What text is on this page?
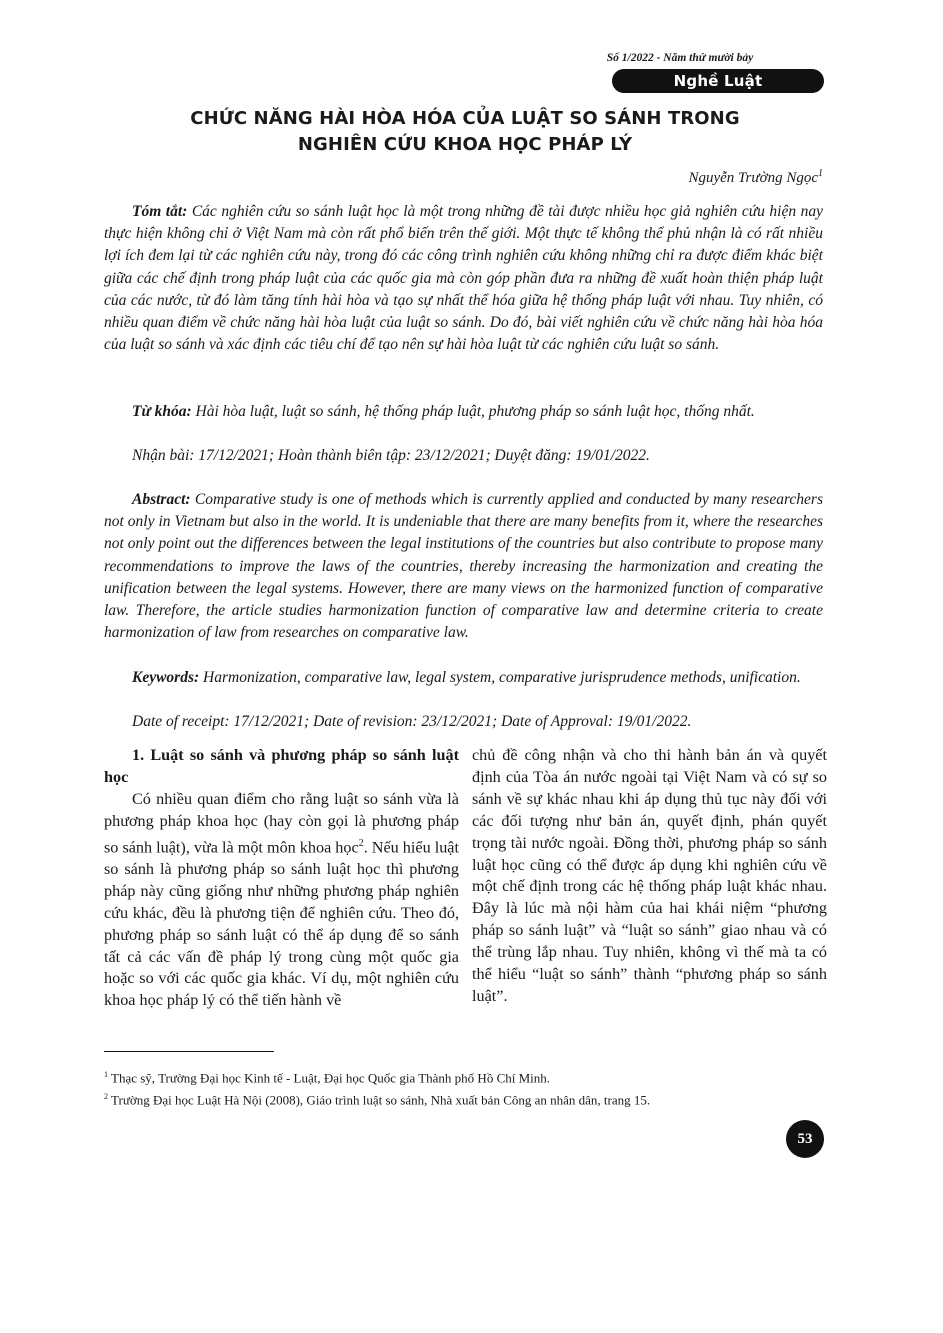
Số 1/2022 - Năm thứ mười bảy
Nghề Luật
CHỨC NĂNG HÀI HÒA HÓA CỦA LUẬT SO SÁNH TRONG
NGHIÊN CỨU KHOA HỌC PHÁP LÝ
Nguyễn Trường Ngọc$^1$

Tóm tắt: Các nghiên cứu so sánh luật học là một trong những đề tài được nhiều học giả nghiên cứu hiện nay thực hiện không chỉ ở Việt Nam mà còn rất phổ biến trên thế giới. Một thực tế không thể phủ nhận là có rất nhiều lợi ích đem lại từ các nghiên cứu này, trong đó các công trình nghiên cứu không những chỉ ra được điểm khác biệt giữa các chế định trong pháp luật của các quốc gia mà còn góp phần đưa ra những đề xuất hoàn thiện pháp luật của các nước, từ đó làm tăng tính hài hòa và tạo sự nhất thể hóa giữa hệ thống pháp luật với nhau. Tuy nhiên, có nhiều quan điểm về chức năng hài hòa luật của luật so sánh. Do đó, bài viết nghiên cứu về chức năng hài hòa hóa của luật so sánh và xác định các tiêu chí để tạo nên sự hài hòa luật từ các nghiên cứu luật so sánh.

Từ khóa: Hài hòa luật, luật so sánh, hệ thống pháp luật, phương pháp so sánh luật học, thống nhất.

Nhận bài: 17/12/2021; Hoàn thành biên tập: 23/12/2021; Duyệt đăng: 19/01/2022.

Abstract: Comparative study is one of methods which is currently applied and conducted by many researchers not only in Vietnam but also in the world. It is undeniable that there are many benefits from it, where the researches not only point out the differences between the legal institutions of the countries but also contribute to propose many recommendations to improve the laws of the countries, thereby increasing the harmonization and creating the unification between the legal systems. However, there are many views on the harmonized function of comparative law. Therefore, the article studies harmonization function of comparative law and determine criteria to create harmonization of law from researches on comparative law.

Keywords: Harmonization, comparative law, legal system, comparative jurisprudence methods, unification.

Date of receipt: 17/12/2021; Date of revision: 23/12/2021; Date of Approval: 19/01/2022.

1. Luật so sánh và phương pháp so sánh luật học

Có nhiều quan điểm cho rằng luật so sánh vừa là phương pháp khoa học (hay còn gọi là phương pháp so sánh luật), vừa là một môn khoa học$^2$. Nếu hiểu luật so sánh là phương pháp so sánh luật học thì phương pháp này cũng giống như những phương pháp nghiên cứu khác, đều là phương tiện để nghiên cứu. Theo đó, phương pháp so sánh luật có thể áp dụng để so sánh tất cả các vấn đề pháp lý trong cùng một quốc gia hoặc so với các quốc gia khác. Ví dụ, một nghiên cứu khoa học pháp lý có thể tiến hành về

chủ đề công nhận và cho thi hành bản án và quyết định của Tòa án nước ngoài tại Việt Nam và có sự so sánh về sự khác nhau khi áp dụng thủ tục này đối với các đối tượng như bản án, quyết định, phán quyết trọng tài nước ngoài. Đồng thời, phương pháp so sánh luật học cũng có thể được áp dụng khi nghiên cứu về một chế định trong các hệ thống pháp luật khác nhau. Đây là lúc mà nội hàm của hai khái niệm “phương pháp so sánh luật” và “luật so sánh” giao nhau và có thể trùng lắp nhau. Tuy nhiên, không vì thế mà ta có thể hiểu “luật so sánh” thành “phương pháp so sánh luật”.

$^1$ Thạc sỹ, Trường Đại học Kinh tế - Luật, Đại học Quốc gia Thành phố Hồ Chí Minh.
$^2$ Trường Đại học Luật Hà Nội (2008), Giáo trình luật so sánh, Nhà xuất bản Công an nhân dân, trang 15.
53
